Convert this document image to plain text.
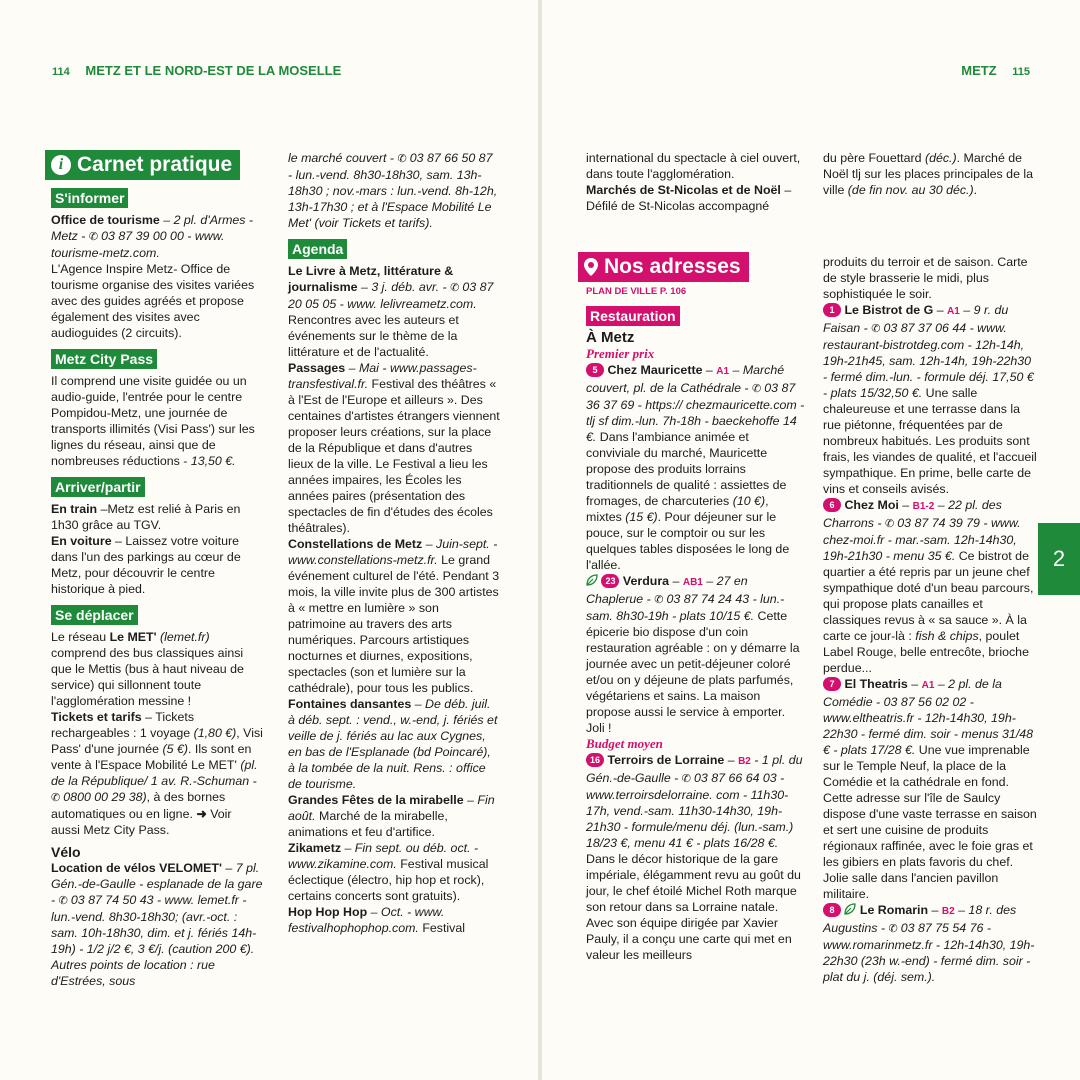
114 METZ ET LE NORD-EST DE LA MOSELLE
i Carnet pratique
S'informer

Office de tourisme – 2 pl. d'Armes - Metz - ✆ 03 87 39 00 00 - www. tourisme-metz.com.

L'Agence Inspire Metz- Office de tourisme organise des visites variées avec des guides agréés et propose également des visites avec audioguides (2 circuits).

Metz City Pass

Il comprend une visite guidée ou un audio-guide, l'entrée pour le centre Pompidou-Metz, une journée de transports illimités (Visi Pass') sur les lignes du réseau, ainsi que de nombreuses réductions - 13,50 €.

Arriver/partir

En train –Metz est relié à Paris en 1h30 grâce au TGV.

En voiture – Laissez votre voiture dans l'un des parkings au cœur de Metz, pour découvrir le centre historique à pied.

Se déplacer

Le réseau Le MET' (lemet.fr) comprend des bus classiques ainsi que le Mettis (bus à haut niveau de service) qui sillonnent toute l'agglomération messine !

Tickets et tarifs – Tickets rechargeables : 1 voyage (1,80 €), Visi Pass' d'une journée (5 €). Ils sont en vente à l'Espace Mobilité Le MET' (pl. de la République/ 1 av. R.-Schuman - ✆ 0800 00 29 38), à des bornes automatiques ou en ligne. ➜ Voir aussi Metz City Pass.

Vélo

Location de vélos VELOMET' – 7 pl. Gén.-de-Gaulle - esplanade de la gare - ✆ 03 87 74 50 43 - www. lemet.fr - lun.-vend. 8h30-18h30; (avr.-oct. : sam. 10h-18h30, dim. et j. fériés 14h-19h) - 1/2 j/2 €, 3 €/j. (caution 200 €). Autres points de location : rue d'Estrées, sous

le marché couvert - ✆ 03 87 66 50 87 - lun.-vend. 8h30-18h30, sam. 13h-18h30 ; nov.-mars : lun.-vend. 8h-12h, 13h-17h30 ; et à l'Espace Mobilité Le Met' (voir Tickets et tarifs).

Agenda

Le Livre à Metz, littérature & journalisme – 3 j. déb. avr. - ✆ 03 87 20 05 05 - www. lelivreametz.com. Rencontres avec les auteurs et événements sur le thème de la littérature et de l'actualité.

Passages – Mai - www.passages-transfestival.fr. Festival des théâtres « à l'Est de l'Europe et ailleurs ». Des centaines d'artistes étrangers viennent proposer leurs créations, sur la place de la République et dans d'autres lieux de la ville. Le Festival a lieu les années impaires, les Écoles les années paires (présentation des spectacles de fin d'études des écoles théâtrales).

Constellations de Metz – Juin-sept. - www.constellations-metz.fr. Le grand événement culturel de l'été. Pendant 3 mois, la ville invite plus de 300 artistes à « mettre en lumière » son patrimoine au travers des arts numériques. Parcours artistiques nocturnes et diurnes, expositions, spectacles (son et lumière sur la cathédrale), pour tous les publics.

Fontaines dansantes – De déb. juil. à déb. sept. : vend., w.-end, j. fériés et veille de j. fériés au lac aux Cygnes, en bas de l'Esplanade (bd Poincaré), à la tombée de la nuit. Rens. : office de tourisme.

Grandes Fêtes de la mirabelle – Fin août. Marché de la mirabelle, animations et feu d'artifice.

Zikametz – Fin sept. ou déb. oct. - www.zikamine.com. Festival musical éclectique (électro, hip hop et rock), certains concerts sont gratuits).

Hop Hop Hop – Oct. - www. festivalhophophop.com. Festival

METZ 115

international du spectacle à ciel ouvert, dans toute l'agglomération.

Marchés de St-Nicolas et de Noël – Défilé de St-Nicolas accompagné

du père Fouettard (déc.). Marché de Noël tlj sur les places principales de la ville (de fin nov. au 30 déc.).

Nos adresses
PLAN DE VILLE P. 106
Restauration

À Metz

Premier prix

5 Chez Mauricette – A1 – Marché couvert, pl. de la Cathédrale - ✆ 03 87 36 37 69 - https:// chezmauricette.com - tlj sf dim.-lun. 7h-18h - baeckehoffe 14 €. Dans l'ambiance animée et conviviale du marché, Mauricette propose des produits lorrains traditionnels de qualité : assiettes de fromages, de charcuteries (10 €), mixtes (15 €). Pour déjeuner sur le pouce, sur le comptoir ou sur les quelques tables disposées le long de l'allée.

23 Verdura – AB1 – 27 en Chaplerue - ✆ 03 87 74 24 43 - lun.-sam. 8h30-19h - plats 10/15 €. Cette épicerie bio dispose d'un coin restauration agréable : on y démarre la journée avec un petit-déjeuner coloré et/ou on y déjeune de plats parfumés, végétariens et sains. La maison propose aussi le service à emporter. Joli !

Budget moyen

16 Terroirs de Lorraine – B2 - 1 pl. du Gén.-de-Gaulle - ✆ 03 87 66 64 03 - www.terroirsdelorraine. com - 11h30-17h, vend.-sam. 11h30-14h30, 19h-21h30 - formule/menu déj. (lun.-sam.) 18/23 €, menu 41 € - plats 16/28 €. Dans le décor historique de la gare impériale, élégamment revu au goût du jour, le chef étoilé Michel Roth marque son retour dans sa Lorraine natale. Avec son équipe dirigée par Xavier Pauly, il a conçu une carte qui met en valeur les meilleurs

produits du terroir et de saison. Carte de style brasserie le midi, plus sophistiquée le soir.

1 Le Bistrot de G – A1 – 9 r. du Faisan - ✆ 03 87 37 06 44 - www. restaurant-bistrotdeg.com - 12h-14h, 19h-21h45, sam. 12h-14h, 19h-22h30 - fermé dim.-lun. - formule déj. 17,50 € - plats 15/32,50 €. Une salle chaleureuse et une terrasse dans la rue piétonne, fréquentées par de nombreux habitués. Les produits sont frais, les viandes de qualité, et l'accueil sympathique. En prime, belle carte de vins et conseils avisés.

6 Chez Moi – B1-2 – 22 pl. des Charrons - ✆ 03 87 74 39 79 - www. chez-moi.fr - mar.-sam. 12h-14h30, 19h-21h30 - menu 35 €. Ce bistrot de quartier a été repris par un jeune chef sympathique doté d'un beau parcours, qui propose plats canailles et classiques revus à « sa sauce ». À la carte ce jour-là : fish & chips, poulet Label Rouge, belle entrecôte, brioche perdue...

7 El Theatris – A1 – 2 pl. de la Comédie - 03 87 56 02 02 - www.eltheatris.fr - 12h-14h30, 19h-22h30 - fermé dim. soir - menus 31/48 € - plats 17/28 €. Une vue imprenable sur le Temple Neuf, la place de la Comédie et la cathédrale en fond. Cette adresse sur l'île de Saulcy dispose d'une vaste terrasse en saison et sert une cuisine de produits régionaux raffinée, avec le foie gras et les gibiers en plats favoris du chef. Jolie salle dans l'ancien pavillon militaire.

8 Le Romarin – B2 – 18 r. des Augustins - ✆ 03 87 75 54 76 - www.romarinmetz.fr - 12h-14h30, 19h-22h30 (23h w.-end) - fermé dim. soir - plat du j. (déj. sem.).

2
